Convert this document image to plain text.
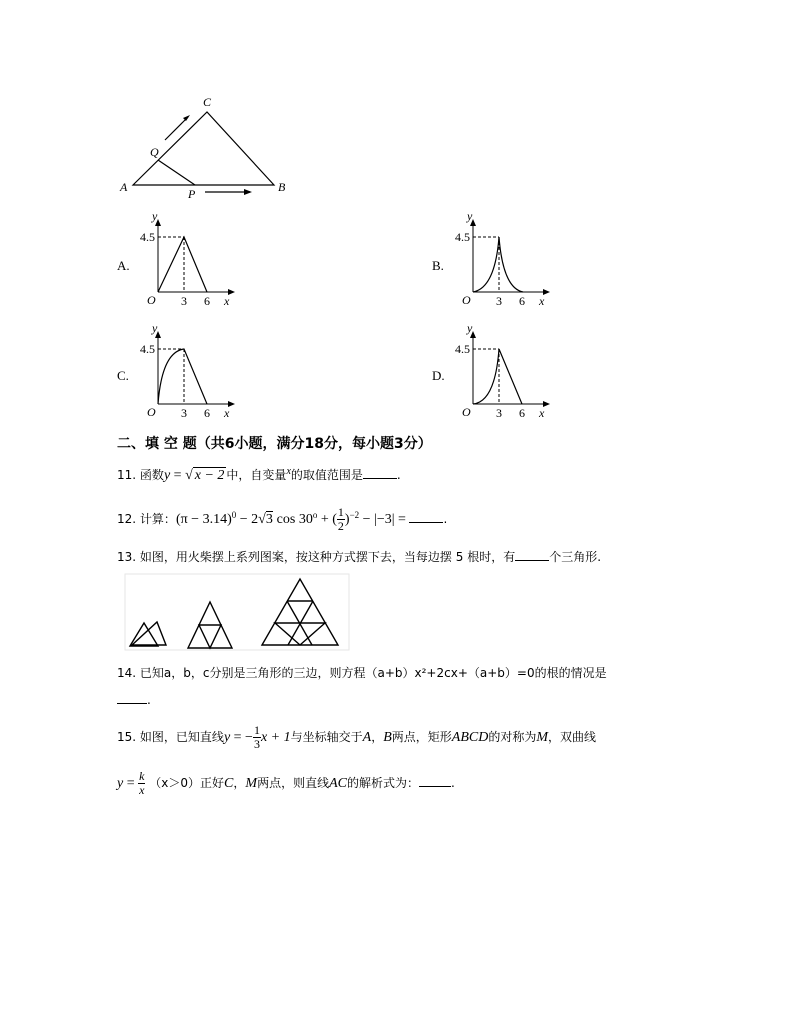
A	B
C
P
Q
A.
y
4.5
O 3 6 x
B.
y
4.5
O 3 6 x
C.
y
4.5
O 3 6 x
D.
y
4.5
O 3 6 x
二、填 空 题（共6小题，满分18分，每小题3分）
11. 函数y = √ x − 2 中，自变量$^x$的取值范围是	.
12. 计算：$(\pi - 3.14)^0 - 2√3$ $\cos 30^o$ + ( $\frac{1}{2} )^{-2} - |-3|$ =	.
13. 如图，用火柴摆上系列图案，按这种方式摆下去，当每边摆 5 根时，有	个三角形.
14. 已知a，b，c分别是三角形的三边，则方程（a+b）x²+2cx+（a+b）=0的根的情况是
.
15. 如图，已知直线y = − $\frac{1}{3}$ x + 1与坐标轴交于A，B两点，矩形ABCD的对称为M，双曲线
$y = \frac{k}{x} (x>0)$正好C，M两点，则直线AC的解析式为：	.
